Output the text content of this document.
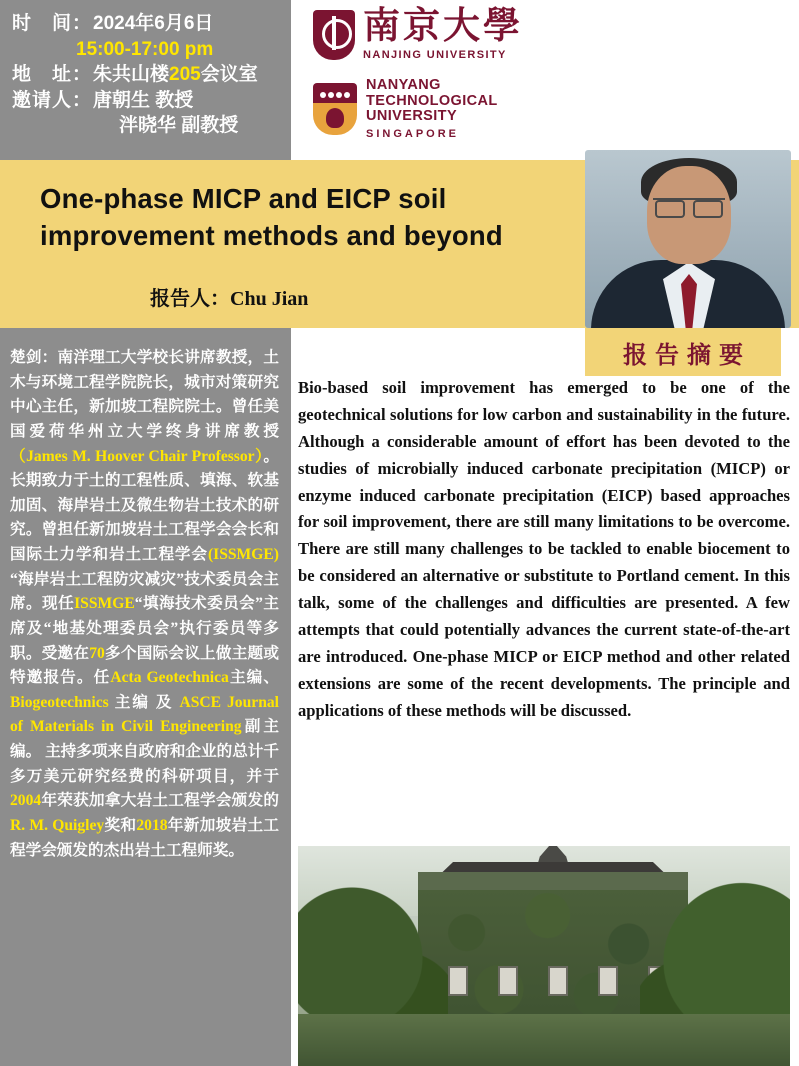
时　间 ： 2024年6月6日
15:00-17:00 pm
地　址 ： 朱共山楼205会议室
邀请人 ： 唐朝生 教授
泮晓华 副教授
南京大學
NANJING UNIVERSITY
NANYANG
TECHNOLOGICAL
UNIVERSITY
SINGAPORE
One-phase MICP and EICP soil improvement methods and beyond
报告人：Chu Jian
楚剑：南洋理工大学校长讲席教授，土木与环境工程学院院长，城市对策研究中心主任，新加坡工程院院士。曾任美国爱荷华州立大学终身讲席教授（James M. Hoover Chair Professor）。长期致力于土的工程性质、填海、软基加固、海岸岩土及微生物岩土技术的研究。曾担任新加坡岩土工程学会会长和国际土力学和岩土工程学会(ISSMGE) “海岸岩土工程防灾减灾”技术委员会主席。现任ISSMGE“填海技术委员会”主席及“地基处理委员会”执行委员等多职。受邀在70多个国际会议上做主题或特邀报告。任Acta Geotechnica主编、Biogeotechnics 主编 及 ASCE Journal of Materials in Civil Engineering副主编。 主持多项来自政府和企业的总计千多万美元研究经费的科研项目，并于2004年荣获加拿大岩土工程学会颁发的R. M. Quigley奖和2018年新加坡岩土工程学会颁发的杰出岩土工程师奖。
报告摘要
Bio-based soil improvement has emerged to be one of the geotechnical solutions for low carbon and sustainability in the future. Although a considerable amount of effort has been devoted to the studies of microbially induced carbonate precipitation (MICP) or enzyme induced carbonate precipitation (EICP) based approaches for soil improvement, there are still many limitations to be overcome. There are still many challenges to be tackled to enable biocement to be considered an alternative or substitute to Portland cement. In this talk, some of the challenges and difficulties are presented. A few attempts that could potentially advances the current state-of-the-art are introduced. One-phase MICP or EICP method and other related extensions are some of the recent developments. The principle and applications of these methods will be discussed.
